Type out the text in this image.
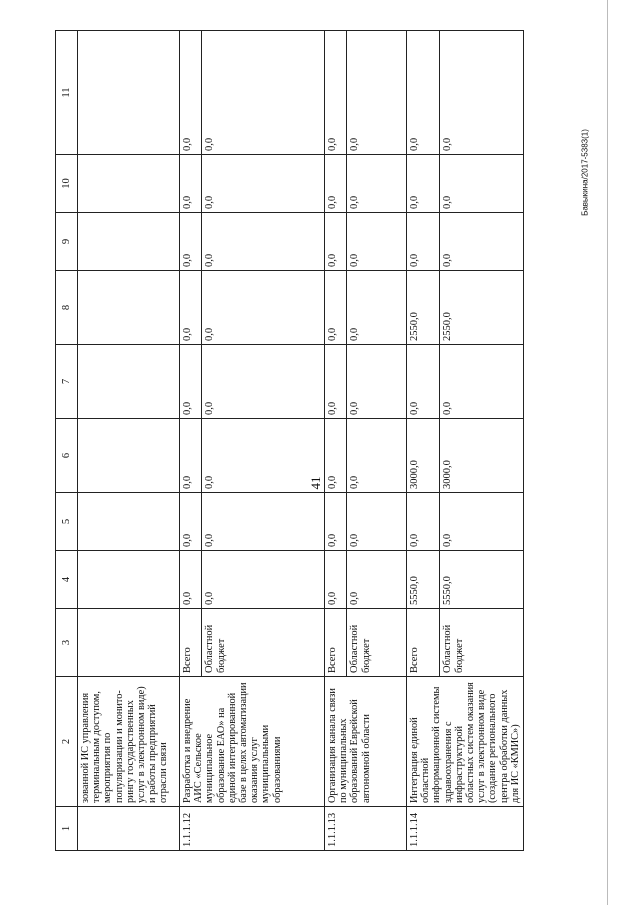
41
Бавыкина/2017-5383(1)
1	2	3	4	5	6	7	8	9	10	11
	зованной ИС управления терминальным доступом, мероприятия по популяризации и монито-рингу государственных услуг в электронном виде) и работы предприятий отрасли связи									
1.1.1.12	Разработка и внедрение АИС «Сельское муниципальное образование ЕАО» на единой интегрированной базе в целях автоматизации оказания услуг муниципальными образованиями	Всего	0,0	0,0	0,0	0,0	0,0	0,0	0,0	0,0
		Областной бюджет	0,0	0,0	0,0	0,0	0,0	0,0	0,0	0,0
1.1.1.13	Организация канала связи по муниципальных образований Еврейской автономной области	Всего	0,0	0,0	0,0	0,0	0,0	0,0	0,0	0,0
		Областной бюджет	0,0	0,0	0,0	0,0	0,0	0,0	0,0	0,0
1.1.1.14	Интеграция единой областной информационной системы здравоохранения с инфраструктурой областных систем оказания услуг в электронном виде (создание регионального центра обработки данных для ИС «КМИС»)	Всего	5550,0	0,0	3000,0	0,0	2550,0	0,0	0,0	0,0
		Областной бюджет	5550,0	0,0	3000,0	0,0	2550,0	0,0	0,0	0,0
